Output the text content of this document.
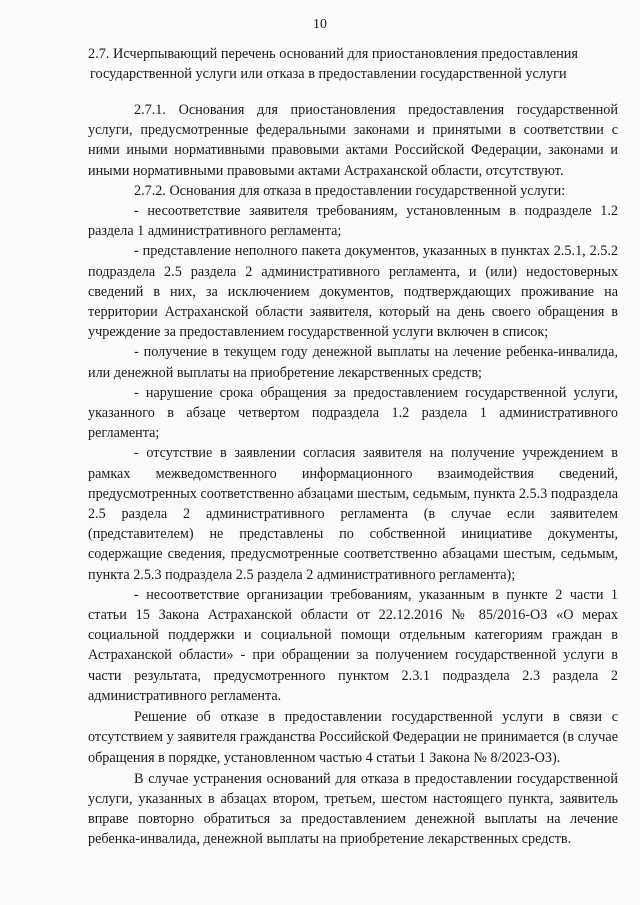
10
2.7. Исчерпывающий перечень оснований для приостановления предоставления
государственной услуги или отказа в предоставлении государственной услуги

2.7.1. Основания для приостановления предоставления государственной услуги, предусмотренные федеральными законами и принятыми в соответствии с ними иными нормативными правовыми актами Российской Федерации, законами и иными нормативными правовыми актами Астраханской области, отсутствуют.

2.7.2. Основания для отказа в предоставлении государственной услуги:

- несоответствие заявителя требованиям, установленным в подразделе 1.2 раздела 1 административного регламента;

- представление неполного пакета документов, указанных в пунктах 2.5.1, 2.5.2 подраздела 2.5 раздела 2 административного регламента, и (или) недостоверных сведений в них, за исключением документов, подтверждающих проживание на территории Астраханской области заявителя, который на день своего обращения в учреждение за предоставлением государственной услуги включен в список;

- получение в текущем году денежной выплаты на лечение ребенка-инвалида, или денежной выплаты на приобретение лекарственных средств;

- нарушение срока обращения за предоставлением государственной услуги, указанного в абзаце четвертом подраздела 1.2 раздела 1 административного регламента;

- отсутствие в заявлении согласия заявителя на получение учреждением в рамках межведомственного информационного взаимодействия сведений, предусмотренных соответственно абзацами шестым, седьмым, пункта 2.5.3 подраздела 2.5 раздела 2 административного регламента (в случае если заявителем (представителем) не представлены по собственной инициативе документы, содержащие сведения, предусмотренные соответственно абзацами шестым, седьмым, пункта 2.5.3 подраздела 2.5 раздела 2 административного регламента);

- несоответствие организации требованиям, указанным в пункте 2 части 1 статьи 15 Закона Астраханской области от 22.12.2016 № 85/2016-ОЗ «О мерах социальной поддержки и социальной помощи отдельным категориям граждан в Астраханской области» - при обращении за получением государственной услуги в части результата, предусмотренного пунктом 2.3.1 подраздела 2.3 раздела 2 административного регламента.

Решение об отказе в предоставлении государственной услуги в связи с отсутствием у заявителя гражданства Российской Федерации не принимается (в случае обращения в порядке, установленном частью 4 статьи 1 Закона № 8/2023-ОЗ).

В случае устранения оснований для отказа в предоставлении государственной услуги, указанных в абзацах втором, третьем, шестом настоящего пункта, заявитель вправе повторно обратиться за предоставлением денежной выплаты на лечение ребенка-инвалида, денежной выплаты на приобретение лекарственных средств.
